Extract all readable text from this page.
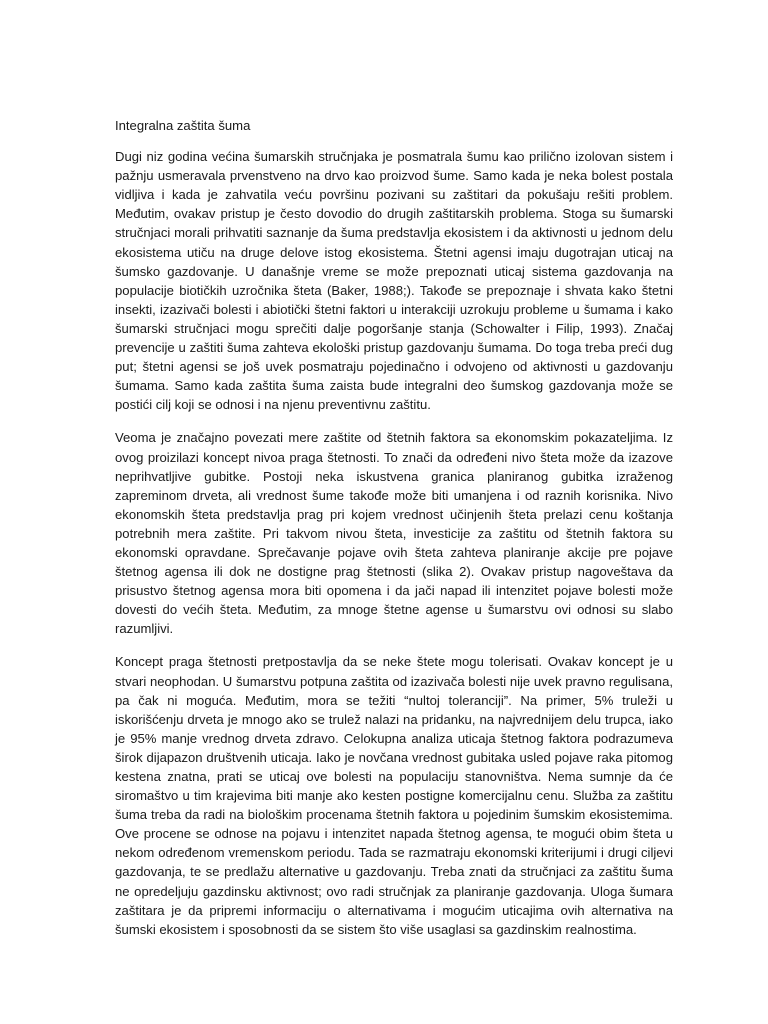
Integralna zaštita šuma

Dugi niz godina većina šumarskih stručnjaka je posmatrala šumu kao prilično izolovan sistem i pažnju usmeravala prvenstveno na drvo kao proizvod šume. Samo kada je neka bolest postala vidljiva i kada je zahvatila veću površinu pozivani su zaštitari da pokušaju rešiti problem. Međutim, ovakav pristup je često dovodio do drugih zaštitarskih problema. Stoga su šumarski stručnjaci morali prihvatiti saznanje da šuma predstavlja ekosistem i da aktivnosti u jednom delu ekosistema utiču na druge delove istog ekosistema. Štetni agensi imaju dugotrajan uticaj na šumsko gazdovanje. U današnje vreme se može prepoznati uticaj sistema gazdovanja na populacije biotičkih uzročnika šteta (Baker, 1988;). Takođe se prepoznaje i shvata kako štetni insekti, izazivači bolesti i abiotički štetni faktori u interakciji uzrokuju probleme u šumama i kako šumarski stručnjaci mogu sprečiti dalje pogoršanje stanja (Schowalter i Filip, 1993). Značaj prevencije u zaštiti šuma zahteva ekološki pristup gazdovanju šumama. Do toga treba preći dug put; štetni agensi se još uvek posmatraju pojedinačno i odvojeno od aktivnosti u gazdovanju šumama. Samo kada zaštita šuma zaista bude integralni deo šumskog gazdovanja može se postići cilj koji se odnosi i na njenu preventivnu zaštitu.

Veoma je značajno povezati mere zaštite od štetnih faktora sa ekonomskim pokazateljima. Iz ovog proizilazi koncept nivoa praga štetnosti. To znači da određeni nivo šteta može da izazove neprihvatljive gubitke. Postoji neka iskustvena granica planiranog gubitka izraženog zapreminom drveta, ali vrednost šume takođe može biti umanjena i od raznih korisnika. Nivo ekonomskih šteta predstavlja prag pri kojem vrednost učinjenih šteta prelazi cenu koštanja potrebnih mera zaštite. Pri takvom nivou šteta, investicije za zaštitu od štetnih faktora su ekonomski opravdane. Sprečavanje pojave ovih šteta zahteva planiranje akcije pre pojave štetnog agensa ili dok ne dostigne prag štetnosti (slika 2). Ovakav pristup nagoveštava da prisustvo štetnog agensa mora biti opomena i da jači napad ili intenzitet pojave bolesti može dovesti do većih šteta. Međutim, za mnoge štetne agense u šumarstvu ovi odnosi su slabo razumljivi.

Koncept praga štetnosti pretpostavlja da se neke štete mogu tolerisati. Ovakav koncept je u stvari neophodan. U šumarstvu potpuna zaštita od izazivača bolesti nije uvek pravno regulisana, pa čak ni moguća. Međutim, mora se težiti “nultoj toleranciji”. Na primer, 5% truleži u iskorišćenju drveta je mnogo ako se trulež nalazi na pridanku, na najvrednijem delu trupca, iako je 95% manje vrednog drveta zdravo. Celokupna analiza uticaja štetnog faktora podrazumeva širok dijapazon društvenih uticaja. Iako je novčana vrednost gubitaka usled pojave raka pitomog kestena znatna, prati se uticaj ove bolesti na populaciju stanovništva. Nema sumnje da će siromaštvo u tim krajevima biti manje ako kesten postigne komercijalnu cenu. Služba za zaštitu šuma treba da radi na biološkim procenama štetnih faktora u pojedinim šumskim ekosistemima. Ove procene se odnose na pojavu i intenzitet napada štetnog agensa, te mogući obim šteta u nekom određenom vremenskom periodu. Tada se razmatraju ekonomski kriterijumi i drugi ciljevi gazdovanja, te se predlažu alternative u gazdovanju. Treba znati da stručnjaci za zaštitu šuma ne opredeljuju gazdinsku aktivnost; ovo radi stručnjak za planiranje gazdovanja. Uloga šumara zaštitara je da pripremi informaciju o alternativama i mogućim uticajima ovih alternativa na šumski ekosistem i sposobnosti da se sistem što više usaglasi sa gazdinskim realnostima.
